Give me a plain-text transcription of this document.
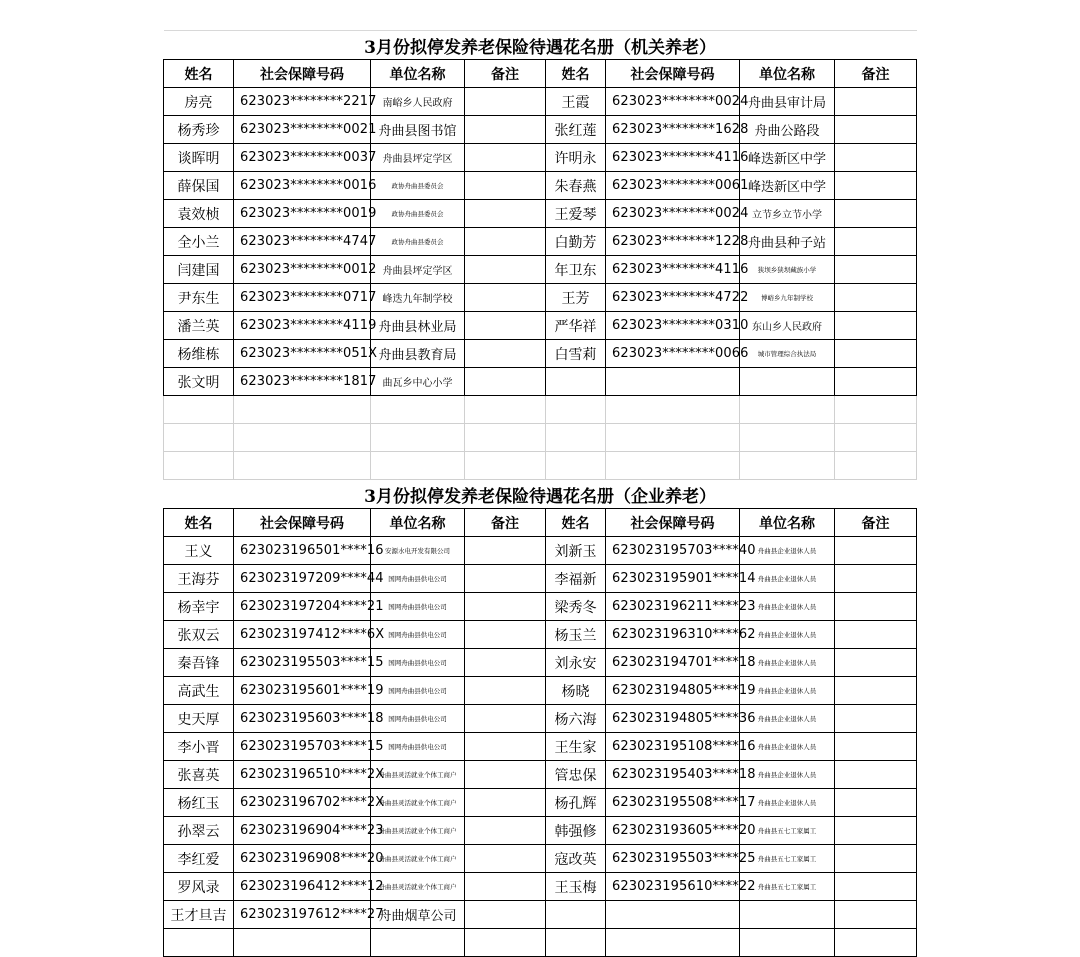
3月份拟停发养老保险待遇花名册（机关养老）							
姓名	社会保障号码	单位名称	备注	姓名	社会保障号码	单位名称	备注
房亮	623023********2217	南峪乡人民政府		王霞	623023********0024	舟曲县审计局	
杨秀珍	623023********0021	舟曲县图书馆		张红莲	623023********1628	舟曲公路段	
谈晖明	623023********0037	舟曲县坪定学区		许明永	623023********4116	峰迭新区中学	
薛保国	623023********0016	政协舟曲县委员会		朱春燕	623023********0061	峰迭新区中学	
袁效桢	623023********0019	政协舟曲县委员会		王爱琴	623023********0024	立节乡立节小学	
全小兰	623023********4747	政协舟曲县委员会		白勤芳	623023********1228	舟曲县种子站	
闫建国	623023********0012	舟曲县坪定学区		年卫东	623023********4116	狭坝乡狭坝藏族小学	
尹东生	623023********0717	峰迭九年制学校		王芳	623023********4722	博峪乡九年制学校	
潘兰英	623023********4119	舟曲县林业局		严华祥	623023********0310	东山乡人民政府	
杨维栋	623023********051X	舟曲县教育局		白雪莉	623023********0066	城市管理综合执法局	
张文明	623023********1817	曲瓦乡中心小学					

3月份拟停发养老保险待遇花名册（企业养老）							
姓名	社会保障号码	单位名称	备注	姓名	社会保障号码	单位名称	备注
王义	623023196501****16	安源水电开发有限公司		刘新玉	623023195703****40	舟曲县企业退休人员	
王海芬	623023197209****44	国网舟曲县供电公司		李福新	623023195901****14	舟曲县企业退休人员	
杨幸宇	623023197204****21	国网舟曲县供电公司		梁秀冬	623023196211****23	舟曲县企业退休人员	
张双云	623023197412****6X	国网舟曲县供电公司		杨玉兰	623023196310****62	舟曲县企业退休人员	
秦吾锋	623023195503****15	国网舟曲县供电公司		刘永安	623023194701****18	舟曲县企业退休人员	
高武生	623023195601****19	国网舟曲县供电公司		杨晓	623023194805****19	舟曲县企业退休人员	
史天厚	623023195603****18	国网舟曲县供电公司		杨六海	623023194805****36	舟曲县企业退休人员	
李小晋	623023195703****15	国网舟曲县供电公司		王生家	623023195108****16	舟曲县企业退休人员	
张喜英	623023196510****2X	舟曲县灵活就业个体工商户		管忠保	623023195403****18	舟曲县企业退休人员	
杨红玉	623023196702****2X	舟曲县灵活就业个体工商户		杨孔辉	623023195508****17	舟曲县企业退休人员	
孙翠云	623023196904****23	舟曲县灵活就业个体工商户		韩强修	623023193605****20	舟曲县五七工家属工	
李红爱	623023196908****20	舟曲县灵活就业个体工商户		寇改英	623023195503****25	舟曲县五七工家属工	
罗风录	623023196412****12	舟曲县灵活就业个体工商户		王玉梅	623023195610****22	舟曲县五七工家属工	
王才旦吉	623023197612****27	舟曲烟草公司					
